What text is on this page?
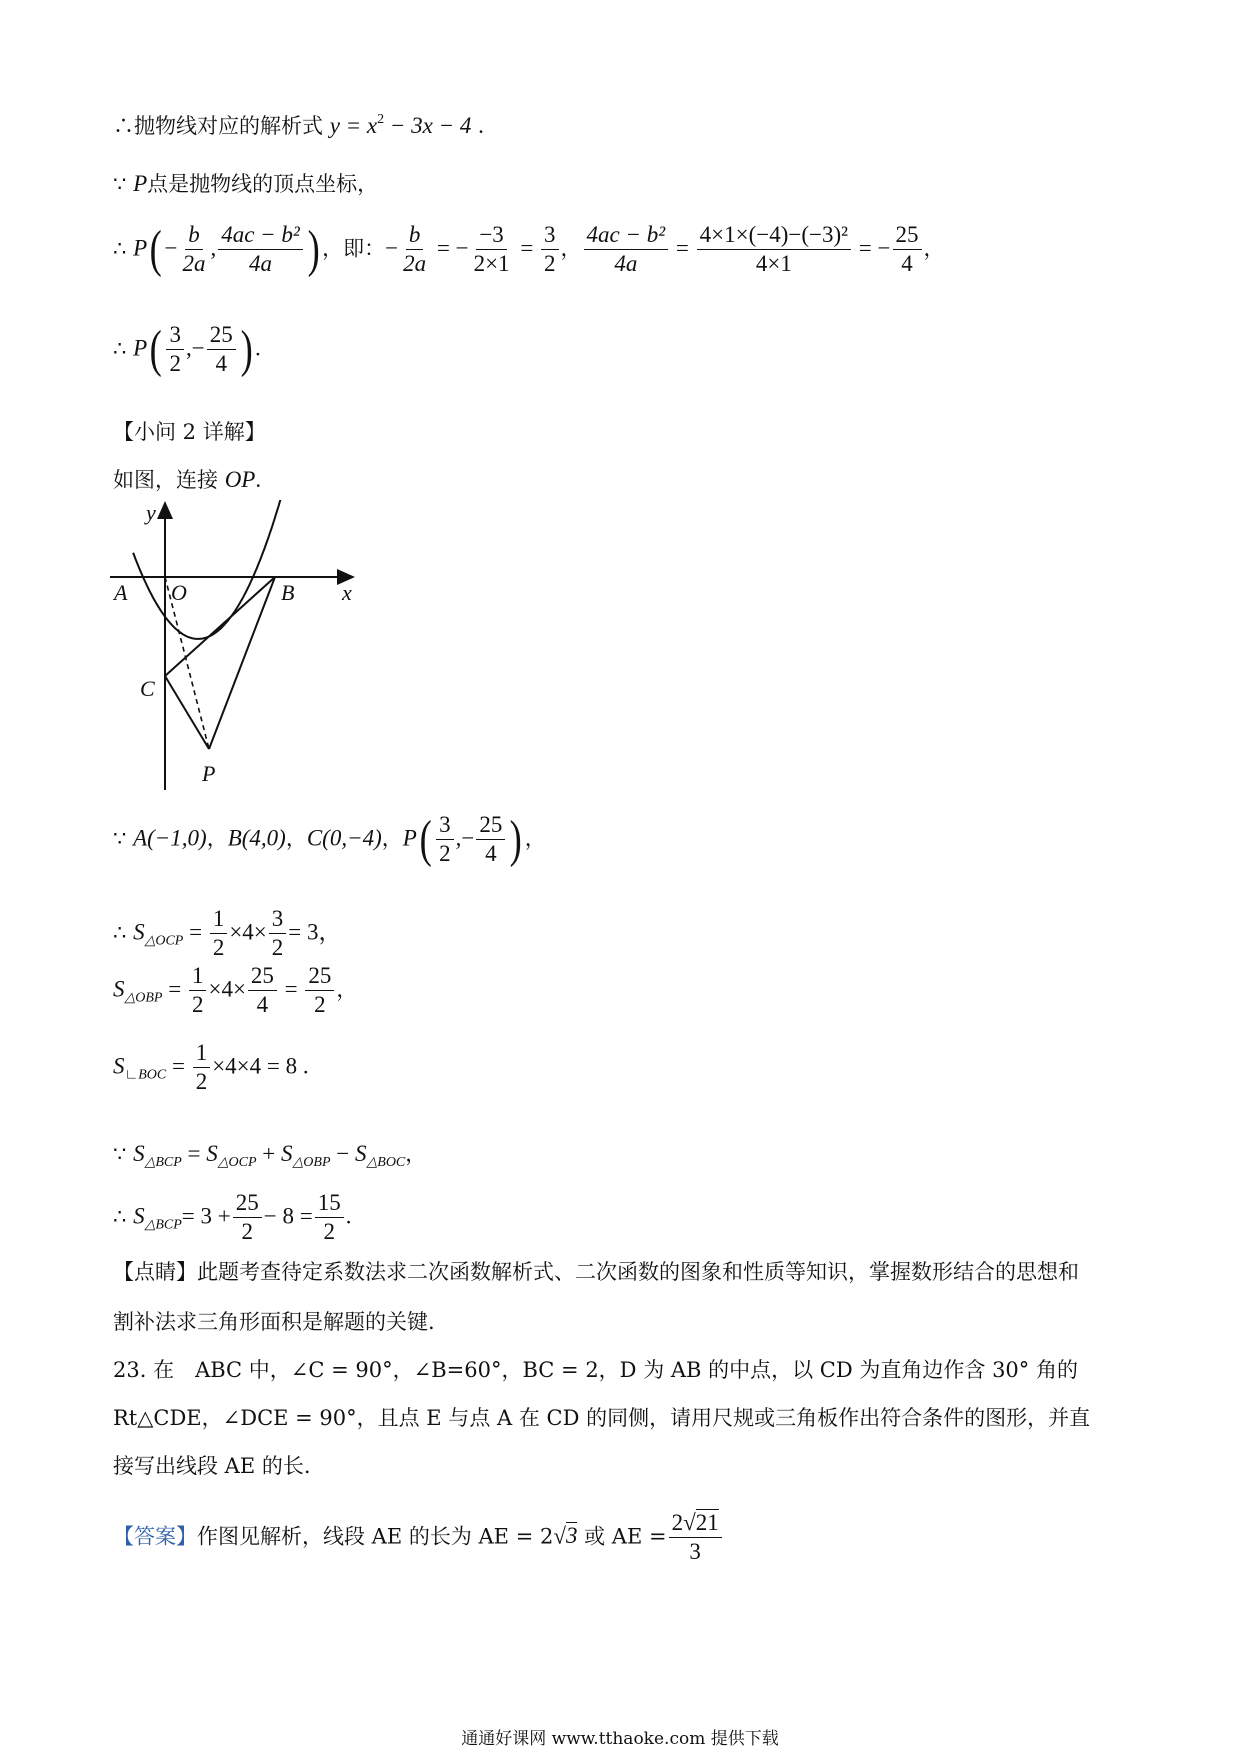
∴抛物线对应的解析式 $y = x^2 - 3x - 4$ .
∵ P点是抛物线的顶点坐标，
∴ $P( - \frac{b}{2a}$ , $\frac{\text{4ac − b²}}{4a}$ ) ，即：− $\frac{b}{2a}$ = − $\frac{-3}{2\times 1} = \frac{3}{2}$ ， $\frac{\text{4ac − b²}}{4a} = \frac{\text{4×1×(−4)−(−3)²}}{4\times 1}$ = − $\frac{25}{4}$ ，
∴ $P( \frac{3}{2}$ ,− $\frac{25}{4}$ ) .
【小问 2 详解】
如图，连接 OP.
y
x
A O	B
C
P
∵ A(−1,0)，B(4,0)，C(0,−4)，$P( \frac{3}{2}$ ,− $\frac{25}{4}$ ) ，
∴ $S_{\triangle OCP} = \frac{1}{2} \times 4\times \frac{3}{2} = 3$，
$S_{\triangle OBP} = \frac{1}{2} \times 4\times \frac{25}{4} = \frac{25}{2}$ ，
$S_{∟BOC} = \frac{1}{2} \times 4\times 4 = 8$ .
∵ $S_{\triangle BCP} = S_{\triangle OCP} + S_{\triangle OBP} - S_{\triangle BOC}$，
∴ $S_{\triangle BCP}= 3 + \frac{25}{2} - 8 = \frac{15}{2}$ .
【点睛】此题考查待定系数法求二次函数解析式、二次函数的图象和性质等知识，掌握数形结合的思想和
割补法求三角形面积是解题的关键.
23. 在　ABC 中，∠C = 90°，∠B=60°，BC = 2，D 为 AB 的中点，以 CD 为直角边作含 30° 角的
Rt△CDE，∠DCE = 90°，且点 E 与点 A 在 CD 的同侧，请用尺规或三角板作出符合条件的图形，并直
接写出线段 AE 的长.
【答案】作图见解析，线段 AE 的长为 AE = 2√3 或 AE = $\frac{2√21}{3}$
通通好课网 www.tthaoke.com 提供下载
